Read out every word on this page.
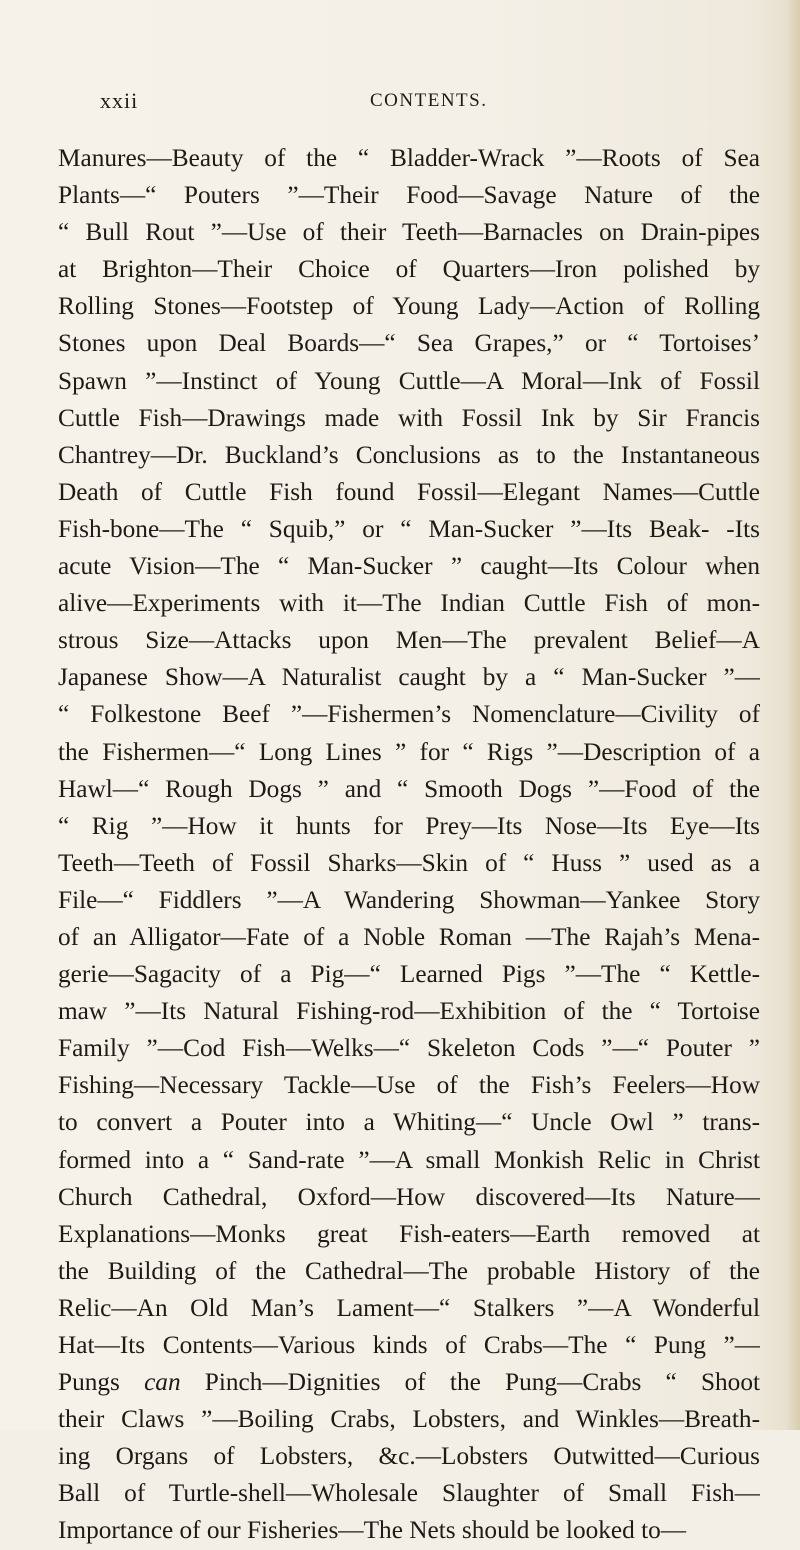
xxii	CONTENTS.
Manures—Beauty of the “ Bladder-Wrack ”—Roots of Sea
Plants—“ Pouters ”—Their Food—Savage Nature of the
“ Bull Rout ”—Use of their Teeth—Barnacles on Drain-pipes
at Brighton—Their Choice of Quarters—Iron polished by
Rolling Stones—Footstep of Young Lady—Action of Rolling
Stones upon Deal Boards—“ Sea Grapes,” or “ Tortoises’
Spawn ”—Instinct of Young Cuttle—A Moral—Ink of Fossil
Cuttle Fish—Drawings made with Fossil Ink by Sir Francis
Chantrey—Dr. Buckland’s Conclusions as to the Instantaneous
Death of Cuttle Fish found Fossil—Elegant Names—Cuttle
Fish-bone—The “ Squib,” or “ Man-Sucker ”—Its Beak- -Its
acute Vision—The “ Man-Sucker ” caught—Its Colour when
alive—Experiments with it—The Indian Cuttle Fish of mon-
strous Size—Attacks upon Men—The prevalent Belief—A
Japanese Show—A Naturalist caught by a “ Man-Sucker ”—
“ Folkestone Beef ”—Fishermen’s Nomenclature—Civility of
the Fishermen—“ Long Lines ” for “ Rigs ”—Description of a
Hawl—“ Rough Dogs ” and “ Smooth Dogs ”—Food of the
“ Rig ”—How it hunts for Prey—Its Nose—Its Eye—Its
Teeth—Teeth of Fossil Sharks—Skin of “ Huss ” used as a
File—“ Fiddlers ”—A Wandering Showman—Yankee Story
of an Alligator—Fate of a Noble Roman —The Rajah’s Mena-
gerie—Sagacity of a Pig—“ Learned Pigs ”—The “ Kettle-
maw ”—Its Natural Fishing-rod—Exhibition of the “ Tortoise
Family ”—Cod Fish—Welks—“ Skeleton Cods ”—“ Pouter ”
Fishing—Necessary Tackle—Use of the Fish’s Feelers—How
to convert a Pouter into a Whiting—“ Uncle Owl ” trans-
formed into a “ Sand-rate ”—A small Monkish Relic in Christ
Church Cathedral, Oxford—How discovered—Its Nature—
Explanations—Monks great Fish-eaters—Earth removed at
the Building of the Cathedral—The probable History of the
Relic—An Old Man’s Lament—“ Stalkers ”—A Wonderful
Hat—Its Contents—Various kinds of Crabs—The “ Pung ”—
Pungs can Pinch—Dignities of the Pung—Crabs “ Shoot
their Claws ”—Boiling Crabs, Lobsters, and Winkles—Breath-
ing Organs of Lobsters, &c.—Lobsters Outwitted—Curious
Ball of Turtle-shell—Wholesale Slaughter of Small Fish—
Importance of our Fisheries—The Nets should be looked to—
